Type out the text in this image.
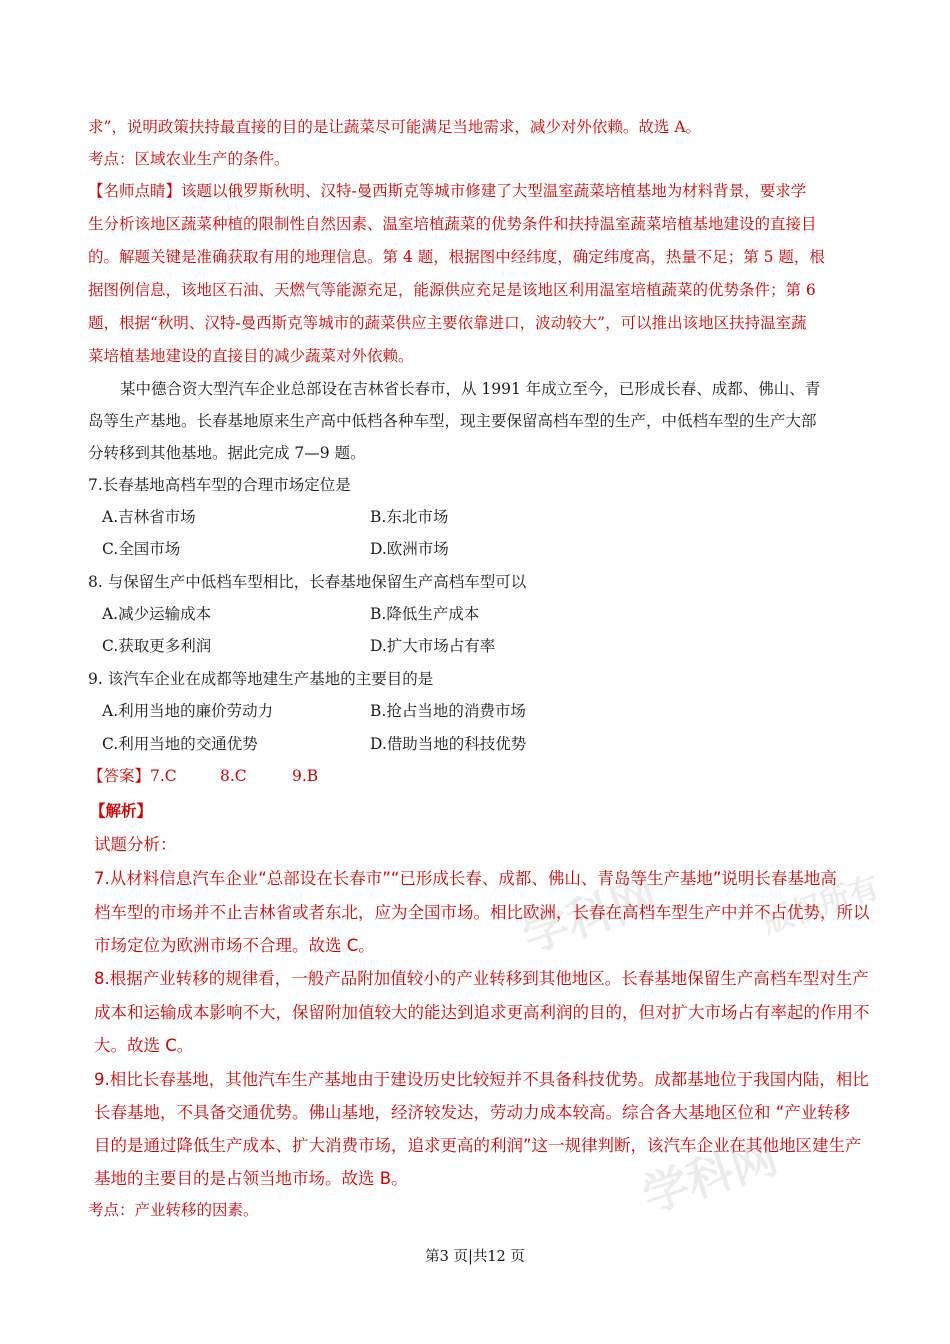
学科网
学科网
版权所有
求”，说明政策扶持最直接的目的是让蔬菜尽可能满足当地需求，减少对外依赖。故选 A。
考点：区域农业生产的条件。
【名师点睛】该题以俄罗斯秋明、汉特-曼西斯克等城市修建了大型温室蔬菜培植基地为材料背景，要求学
生分析该地区蔬菜种植的限制性自然因素、温室培植蔬菜的优势条件和扶持温室蔬菜培植基地建设的直接目
的。解题关键是准确获取有用的地理信息。第 4 题，根据图中经纬度，确定纬度高，热量不足；第 5 题，根
据图例信息，该地区石油、天燃气等能源充足，能源供应充足是该地区利用温室培植蔬菜的优势条件；第 6
题，根据“秋明、汉特-曼西斯克等城市的蔬菜供应主要依靠进口，波动较大”，可以推出该地区扶持温室蔬
菜培植基地建设的直接目的减少蔬菜对外依赖。
某中德合资大型汽车企业总部设在吉林省长春市，从 1991 年成立至今，已形成长春、成都、佛山、青
岛等生产基地。长春基地原来生产高中低档各种车型，现主要保留高档车型的生产，中低档车型的生产大部
分转移到其他基地。据此完成 7—9 题。
7.长春基地高档车型的合理市场定位是
A.吉林省市场	B.东北市场
C.全国市场	D.欧洲市场
8. 与保留生产中低档车型相比，长春基地保留生产高档车型可以
A.减少运输成本	B.降低生产成本
C.获取更多利润	D.扩大市场占有率
9. 该汽车企业在成都等地建生产基地的主要目的是
A.利用当地的廉价劳动力	B.抢占当地的消费市场
C.利用当地的交通优势	D.借助当地的科技优势
【答案】7.C	8.C	9.B
【解析】
试题分析：
7.从材料信息汽车企业“总部设在长春市”“已形成长春、成都、佛山、青岛等生产基地”说明长春基地高
档车型的市场并不止吉林省或者东北，应为全国市场。相比欧洲，长春在高档车型生产中并不占优势，所以
市场定位为欧洲市场不合理。故选 C。
8.根据产业转移的规律看，一般产品附加值较小的产业转移到其他地区。长春基地保留生产高档车型对生产
成本和运输成本影响不大，保留附加值较大的能达到追求更高利润的目的，但对扩大市场占有率起的作用不
大。故选 C。
9.相比长春基地，其他汽车生产基地由于建设历史比较短并不具备科技优势。成都基地位于我国内陆，相比
长春基地，不具备交通优势。佛山基地，经济较发达，劳动力成本较高。综合各大基地区位和 “产业转移
目的是通过降低生产成本、扩大消费市场，追求更高的利润”这一规律判断，该汽车企业在其他地区建生产
基地的主要目的是占领当地市场。故选 B。
考点：产业转移的因素。
第3 页|共12 页
